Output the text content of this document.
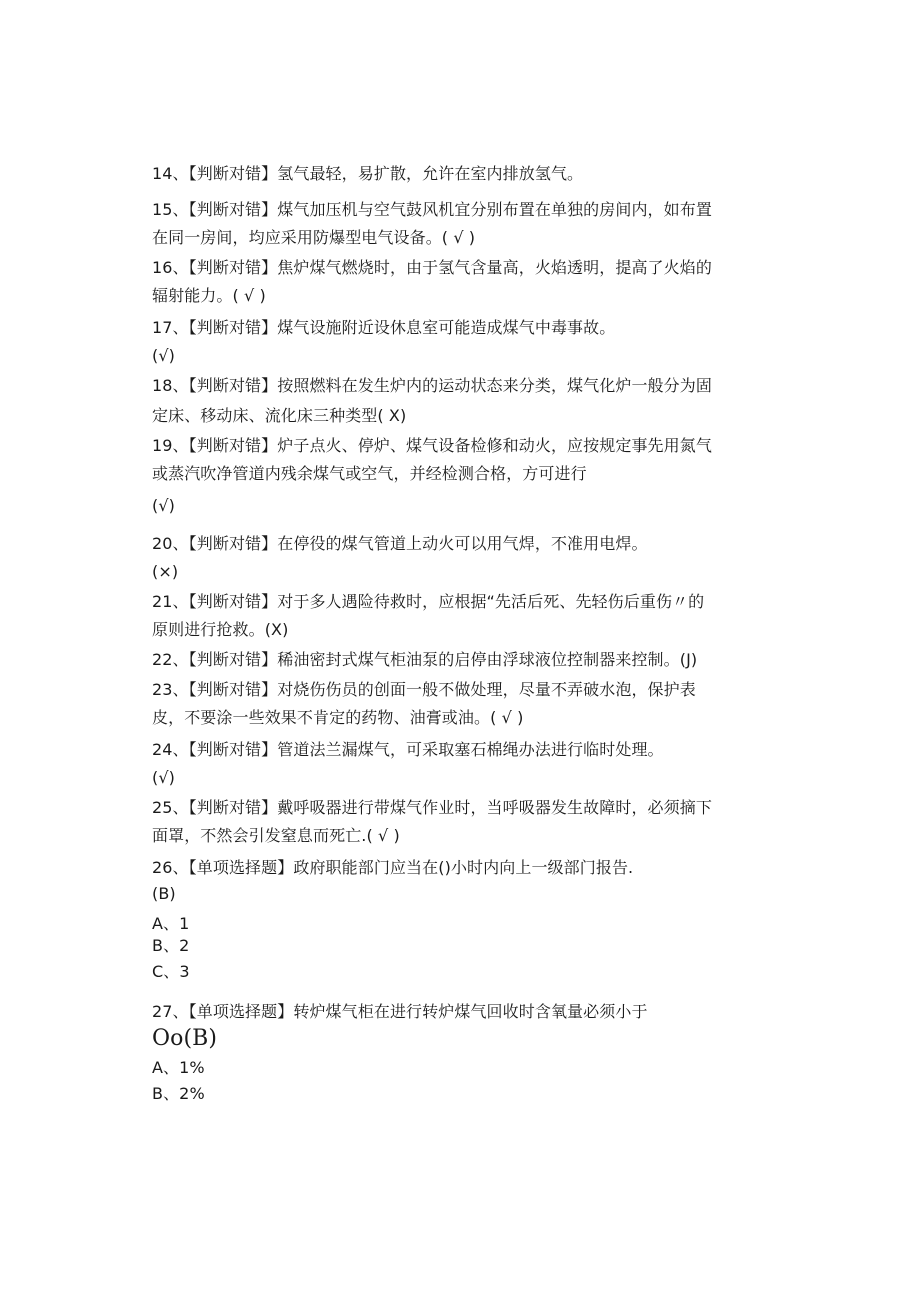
14、【判断对错】氢气最轻，易扩散，允许在室内排放氢气。
15、【判断对错】煤气加压机与空气鼓风机宜分别布置在单独的房间内，如布置
在同一房间，均应采用防爆型电气设备。( √ )
16、【判断对错】焦炉煤气燃烧时，由于氢气含量高，火焰透明，提高了火焰的
辐射能力。( √ )
17、【判断对错】煤气设施附近设休息室可能造成煤气中毒事故。
(√)
18、【判断对错】按照燃料在发生炉内的运动状态来分类，煤气化炉一般分为固
定床、移动床、流化床三种类型( X)
19、【判断对错】炉子点火、停炉、煤气设备检修和动火，应按规定事先用氮气
或蒸汽吹净管道内残余煤气或空气，并经检测合格，方可进行
(√)
20、【判断对错】在停役的煤气管道上动火可以用气焊，不准用电焊。
(×)
21、【判断对错】对于多人遇险待救时，应根据“先活后死、先轻伤后重伤〃的
原则进行抢救。(X)
22、【判断对错】稀油密封式煤气柜油泵的启停由浮球液位控制器来控制。(J)
23、【判断对错】对烧伤伤员的创面一般不做处理，尽量不弄破水泡，保护表
皮，不要涂一些效果不肯定的药物、油膏或油。( √ )
24、【判断对错】管道法兰漏煤气，可采取塞石棉绳办法进行临时处理。
(√)
25、【判断对错】戴呼吸器进行带煤气作业时，当呼吸器发生故障时，必须摘下
面罩，不然会引发窒息而死亡.( √ )
26、【单项选择题】政府职能部门应当在()小时内向上一级部门报告.
(B)
A、1
B、2
C、3
27、【单项选择题】转炉煤气柜在进行转炉煤气回收时含氧量必须小于
Oo(B)
A、1%
B、2%
